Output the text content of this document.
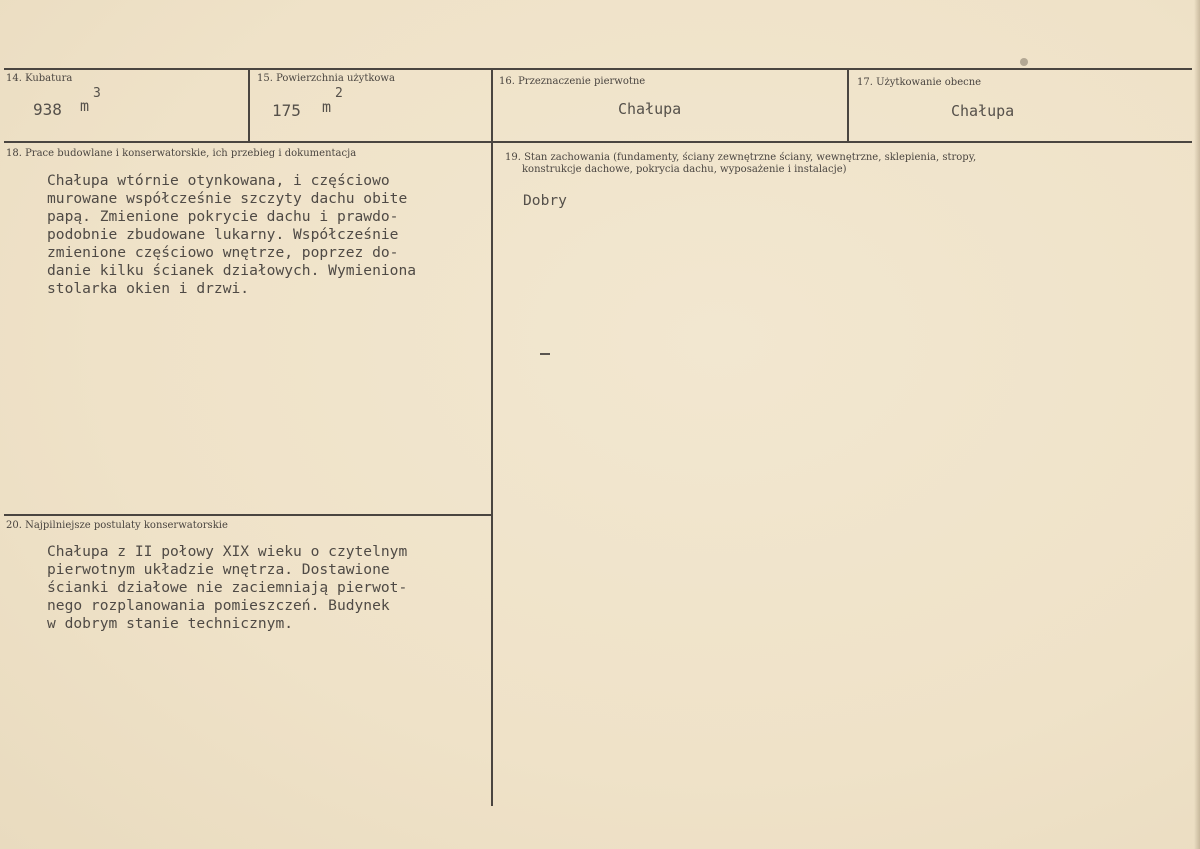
14. Kubatura
938 m
3
15. Powierzchnia użytkowa
175 m
2
16. Przeznaczenie pierwotne
Chałupa
17. Użytkowanie obecne
Chałupa
18. Prace budowlane i konserwatorskie, ich przebieg i dokumentacja
Chałupa wtórnie otynkowana, i częściowo
murowane współcześnie szczyty dachu obite
papą. Zmienione pokrycie dachu i prawdo-
podobnie zbudowane lukarny. Współcześnie
zmienione częściowo wnętrze, poprzez do-
danie kilku ścianek działowych. Wymieniona
stolarka okien i drzwi.
19. Stan zachowania (fundamenty, ściany zewnętrzne ściany, wewnętrzne, sklepienia, stropy,
konstrukcje dachowe, pokrycia dachu, wyposażenie i instalacje)
Dobry
20. Najpilniejsze postulaty konserwatorskie
Chałupa z II połowy XIX wieku o czytelnym
pierwotnym układzie wnętrza. Dostawione
ścianki działowe nie zaciemniają pierwot-
nego rozplanowania pomieszczeń. Budynek
w dobrym stanie technicznym.
